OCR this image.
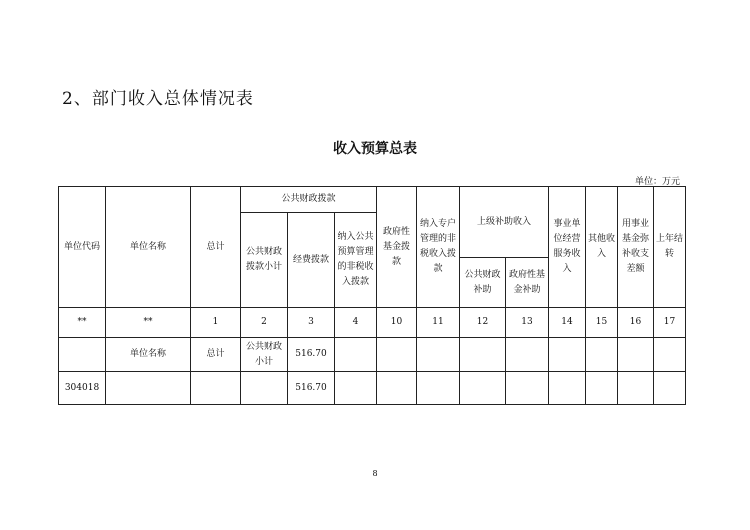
2、部门收入总体情况表
收入预算总表
单位：万元
单位代码	单位名称	总计	公共财政拨款			政府性基金拨款	纳入专户管理的非税收入拨款	上级补助收入		事业单位经营服务收入	其他收入	用事业基金弥补收支差额	上年结转
			公共财政拨款小计	经费拨款	纳入公共预算管理的非税收入拨款								
								公共财政补助	政府性基金补助				
**	**	1	2	3	4	10	11	12	13	14	15	16	17
	单位名称	总计	公共财政小计	516.70									
304018				516.70									
8
